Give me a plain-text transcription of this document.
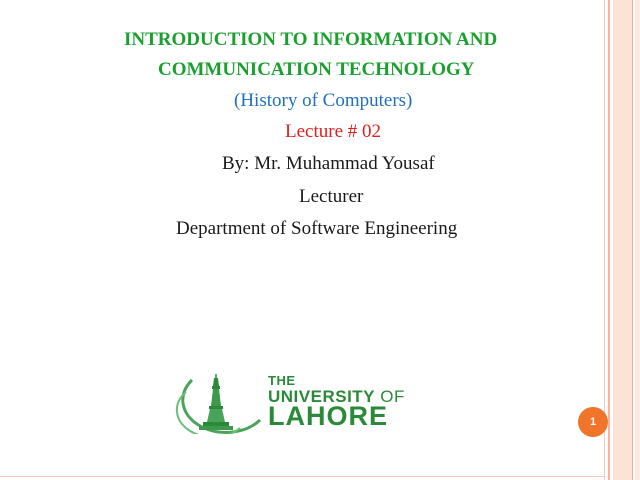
INTRODUCTION TO INFORMATION AND
COMMUNICATION TECHNOLOGY
(History of Computers)
Lecture # 02
By: Mr. Muhammad Yousaf
Lecturer
Department of Software Engineering
THE
UNIVERSITY OF
LAHORE	1
